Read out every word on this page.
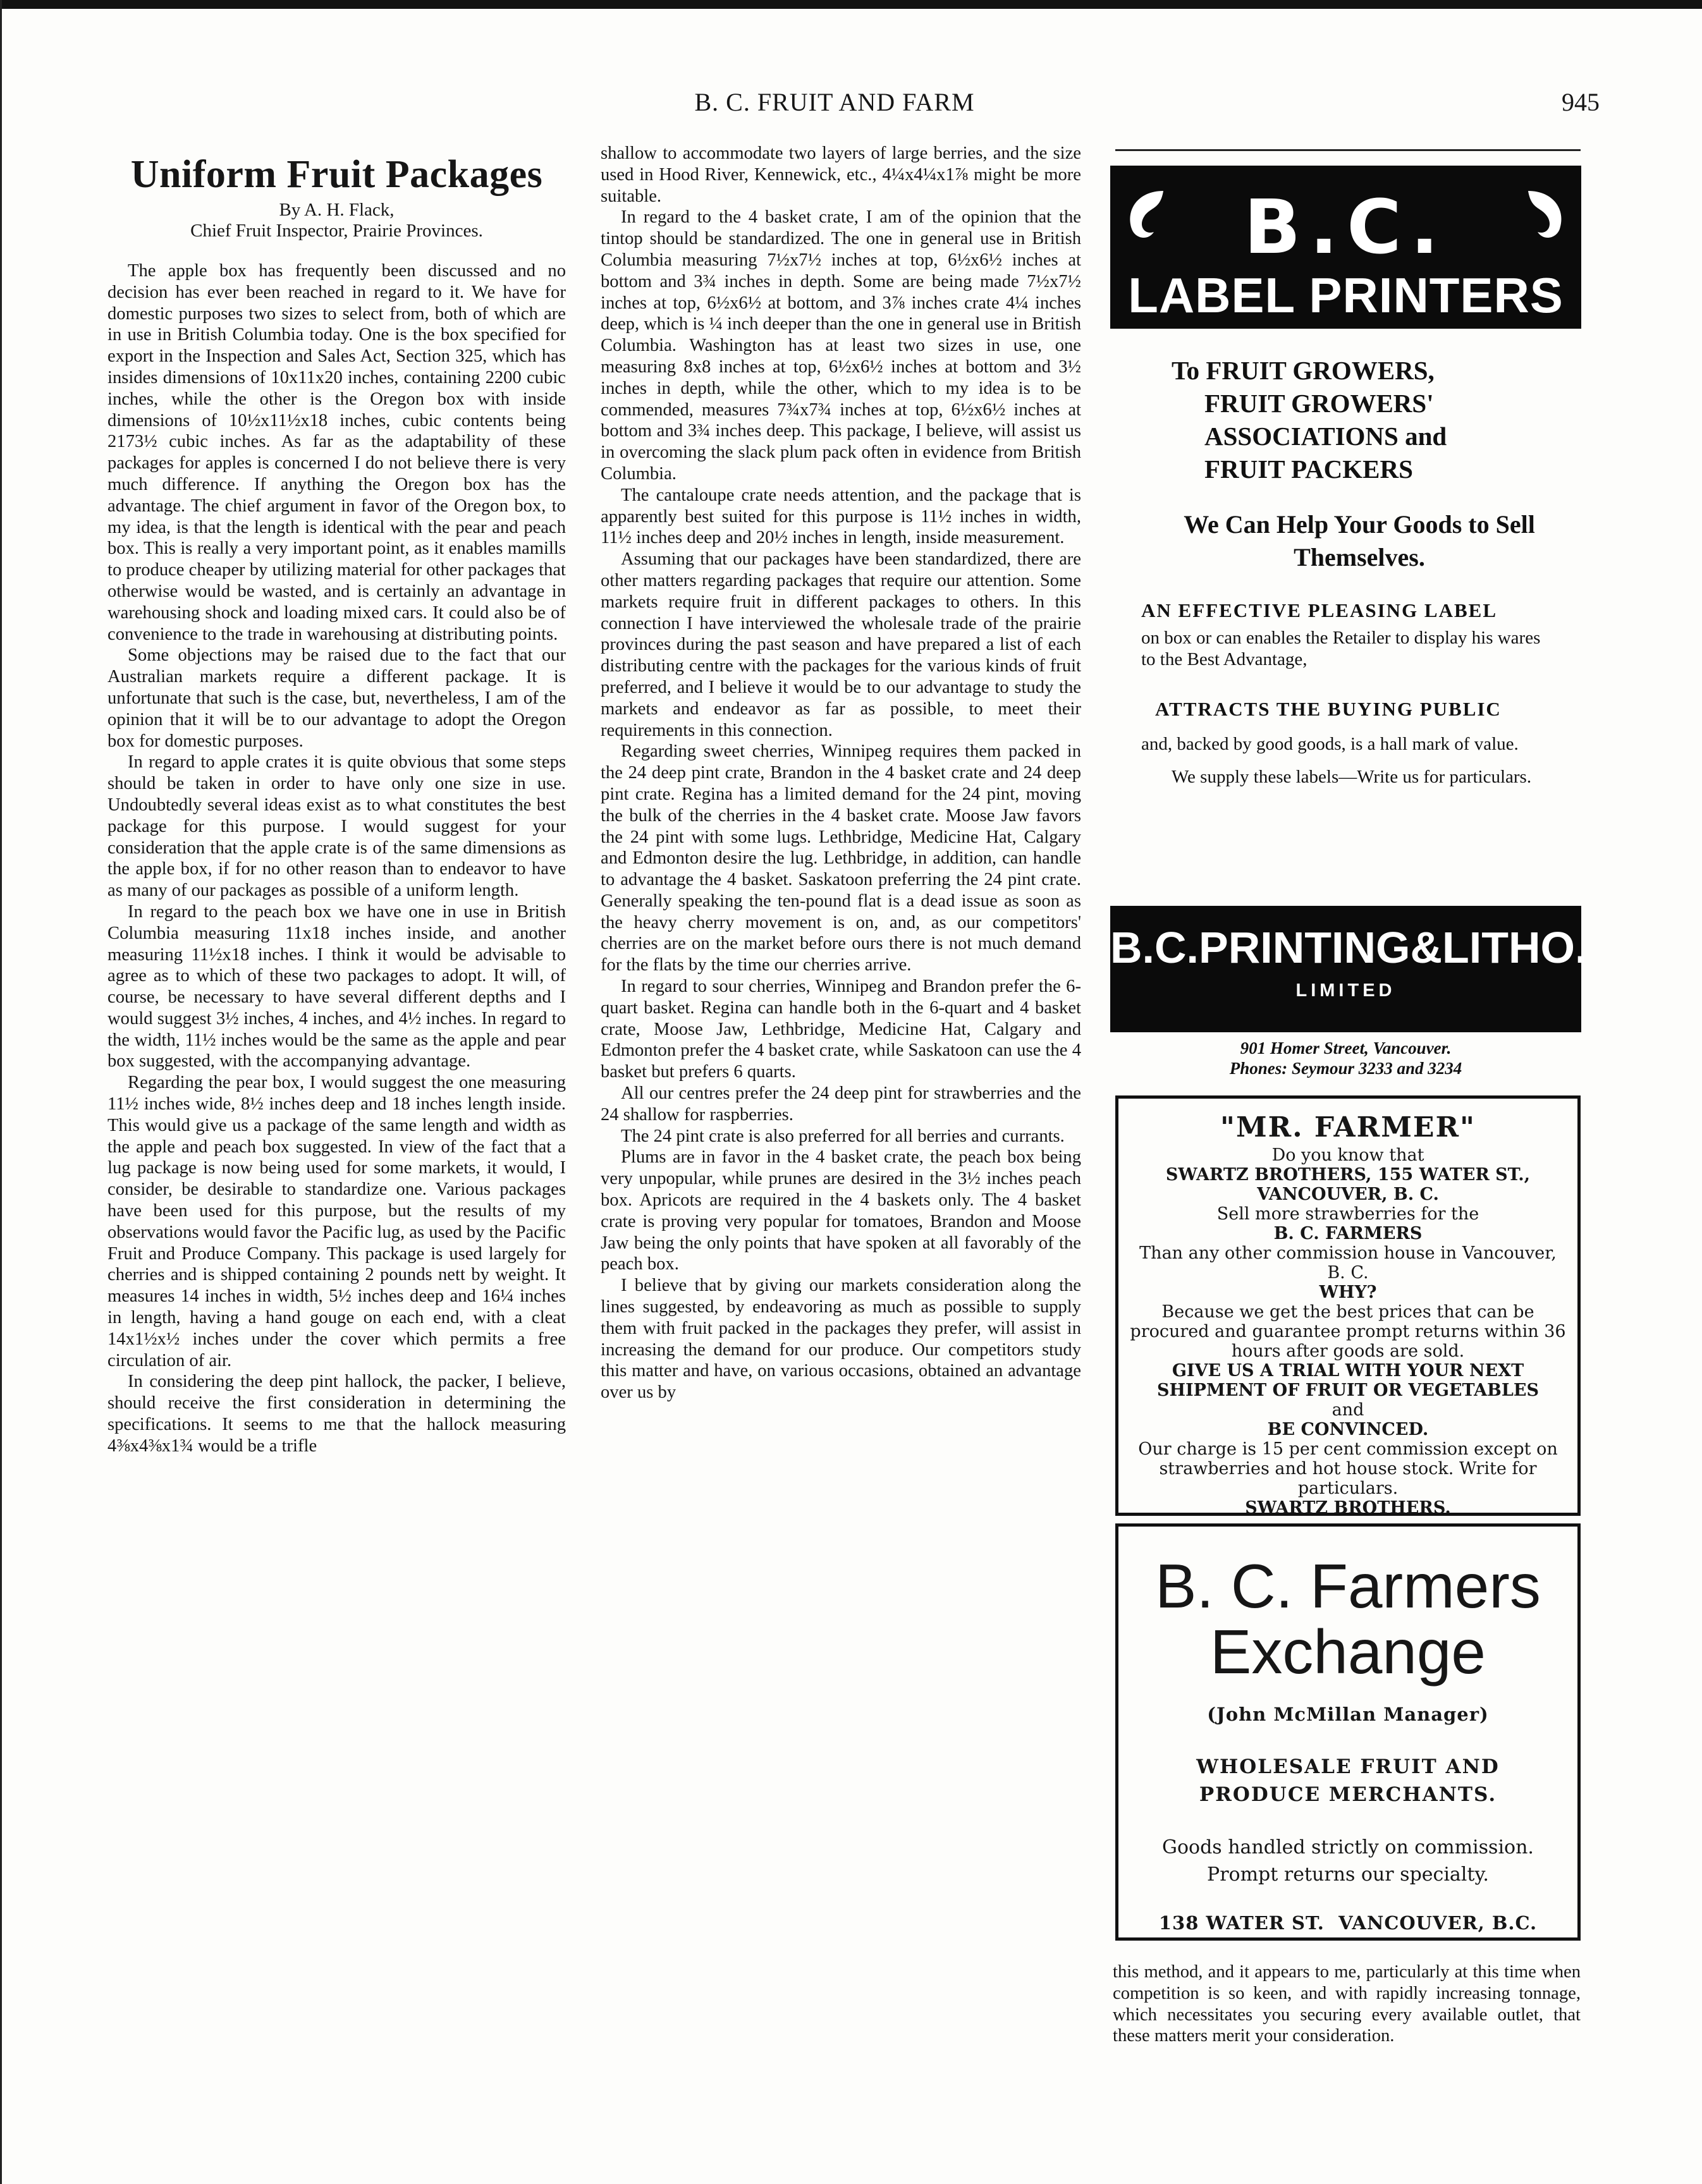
B. C. FRUIT AND FARM	945
Uniform Fruit Packages

By A. H. Flack,

Chief Fruit Inspector, Prairie Provinces.

The apple box has frequently been discussed and no decision has ever been reached in regard to it. We have for domestic purposes two sizes to select from, both of which are in use in British Columbia today. One is the box specified for export in the Inspection and Sales Act, Section 325, which has insides dimensions of 10x11x20 inches, containing 2200 cubic inches, while the other is the Oregon box with inside dimensions of 10½x11½x18 inches, cubic contents being 2173½ cubic inches. As far as the adaptability of these packages for apples is concerned I do not believe there is very much difference. If anything the Oregon box has the advantage. The chief argument in favor of the Oregon box, to my idea, is that the length is identical with the pear and peach box. This is really a very important point, as it enables mamills to produce cheaper by utilizing material for other packages that otherwise would be wasted, and is certainly an advantage in warehousing shock and loading mixed cars. It could also be of convenience to the trade in warehousing at distributing points.

Some objections may be raised due to the fact that our Australian markets require a different package. It is unfortunate that such is the case, but, nevertheless, I am of the opinion that it will be to our advantage to adopt the Oregon box for domestic purposes.

In regard to apple crates it is quite obvious that some steps should be taken in order to have only one size in use. Undoubtedly several ideas exist as to what constitutes the best package for this purpose. I would suggest for your consideration that the apple crate is of the same dimensions as the apple box, if for no other reason than to endeavor to have as many of our packages as possible of a uniform length.

In regard to the peach box we have one in use in British Columbia measuring 11x18 inches inside, and another measuring 11½x18 inches. I think it would be advisable to agree as to which of these two packages to adopt. It will, of course, be necessary to have several different depths and I would suggest 3½ inches, 4 inches, and 4½ inches. In regard to the width, 11½ inches would be the same as the apple and pear box suggested, with the accompanying advantage.

Regarding the pear box, I would suggest the one measuring 11½ inches wide, 8½ inches deep and 18 inches length inside. This would give us a package of the same length and width as the apple and peach box suggested. In view of the fact that a lug package is now being used for some markets, it would, I consider, be desirable to standardize one. Various packages have been used for this purpose, but the results of my observations would favor the Pacific lug, as used by the Pacific Fruit and Produce Company. This package is used largely for cherries and is shipped containing 2 pounds nett by weight. It measures 14 inches in width, 5½ inches deep and 16¼ inches in length, having a hand gouge on each end, with a cleat 14x1½x½ inches under the cover which permits a free circulation of air.

In considering the deep pint hallock, the packer, I believe, should receive the first consideration in determining the specifications. It seems to me that the hallock measuring 4⅜x4⅜x1¾ would be a trifle

shallow to accommodate two layers of large berries, and the size used in Hood River, Kennewick, etc., 4¼x4¼x1⅞ might be more suitable.

In regard to the 4 basket crate, I am of the opinion that the tintop should be standardized. The one in general use in British Columbia measuring 7½x7½ inches at top, 6½x6½ inches at bottom and 3¾ inches in depth. Some are being made 7½x7½ inches at top, 6½x6½ at bottom, and 3⅞ inches crate 4¼ inches deep, which is ¼ inch deeper than the one in general use in British Columbia. Washington has at least two sizes in use, one measuring 8x8 inches at top, 6½x6½ inches at bottom and 3½ inches in depth, while the other, which to my idea is to be commended, measures 7¾x7¾ inches at top, 6½x6½ inches at bottom and 3¾ inches deep. This package, I believe, will assist us in overcoming the slack plum pack often in evidence from British Columbia.

The cantaloupe crate needs attention, and the package that is apparently best suited for this purpose is 11½ inches in width, 11½ inches deep and 20½ inches in length, inside measurement.

Assuming that our packages have been standardized, there are other matters regarding packages that require our attention. Some markets require fruit in different packages to others. In this connection I have interviewed the wholesale trade of the prairie provinces during the past season and have prepared a list of each distributing centre with the packages for the various kinds of fruit preferred, and I believe it would be to our advantage to study the markets and endeavor as far as possible, to meet their requirements in this connection.

Regarding sweet cherries, Winnipeg requires them packed in the 24 deep pint crate, Brandon in the 4 basket crate and 24 deep pint crate. Regina has a limited demand for the 24 pint, moving the bulk of the cherries in the 4 basket crate. Moose Jaw favors the 24 pint with some lugs. Lethbridge, Medicine Hat, Calgary and Edmonton desire the lug. Lethbridge, in addition, can handle to advantage the 4 basket. Saskatoon preferring the 24 pint crate. Generally speaking the ten-pound flat is a dead issue as soon as the heavy cherry movement is on, and, as our competitors' cherries are on the market before ours there is not much demand for the flats by the time our cherries arrive.

In regard to sour cherries, Winnipeg and Brandon prefer the 6-quart basket. Regina can handle both in the 6-quart and 4 basket crate, Moose Jaw, Lethbridge, Medicine Hat, Calgary and Edmonton prefer the 4 basket crate, while Saskatoon can use the 4 basket but prefers 6 quarts.

All our centres prefer the 24 deep pint for strawberries and the 24 shallow for raspberries.

The 24 pint crate is also preferred for all berries and currants.

Plums are in favor in the 4 basket crate, the peach box being very unpopular, while prunes are desired in the 3½ inches peach box. Apricots are required in the 4 baskets only. The 4 basket crate is proving very popular for tomatoes, Brandon and Moose Jaw being the only points that have spoken at all favorably of the peach box.

I believe that by giving our markets consideration along the lines suggested, by endeavoring as much as possible to supply them with fruit packed in the packages they prefer, will assist in increasing the demand for our produce. Our competitors study this matter and have, on various occasions, obtained an advantage over us by

B.C.
LABEL PRINTERS
To FRUIT GROWERS,
FRUIT GROWERS'
ASSOCIATIONS and
FRUIT PACKERS
We Can Help Your Goods to Sell Themselves.
AN EFFECTIVE PLEASING LABEL
on box or can enables the Retailer to display his wares to the Best Advantage,
ATTRACTS THE BUYING PUBLIC
and, backed by good goods, is a hall mark of value.
We supply these labels—Write us for particulars.
B.C.PRINTING&LITHO.
LIMITED
901 Homer Street, Vancouver.
Phones: Seymour 3233 and 3234
"MR. FARMER"
Do you know that
SWARTZ BROTHERS, 155 WATER ST.,
VANCOUVER, B. C.
Sell more strawberries for the
B. C. FARMERS
Than any other commission house in Vancouver, B. C.
WHY?
Because we get the best prices that can be procured and guarantee prompt returns within 36 hours after goods are sold.
GIVE US A TRIAL WITH YOUR NEXT SHIPMENT OF FRUIT OR VEGETABLES
and
BE CONVINCED.
Our charge is 15 per cent commission except on strawberries and hot house stock. Write for particulars.
SWARTZ BROTHERS.
B. C. Farmers
Exchange
(John McMillan Manager)
WHOLESALE FRUIT AND PRODUCE MERCHANTS.
Goods handled strictly on commission.
Prompt returns our specialty.
138 WATER ST.  VANCOUVER, B.C.

this method, and it appears to me, particularly at this time when competition is so keen, and with rapidly increasing tonnage, which necessitates you securing every available outlet, that these matters merit your consideration.
